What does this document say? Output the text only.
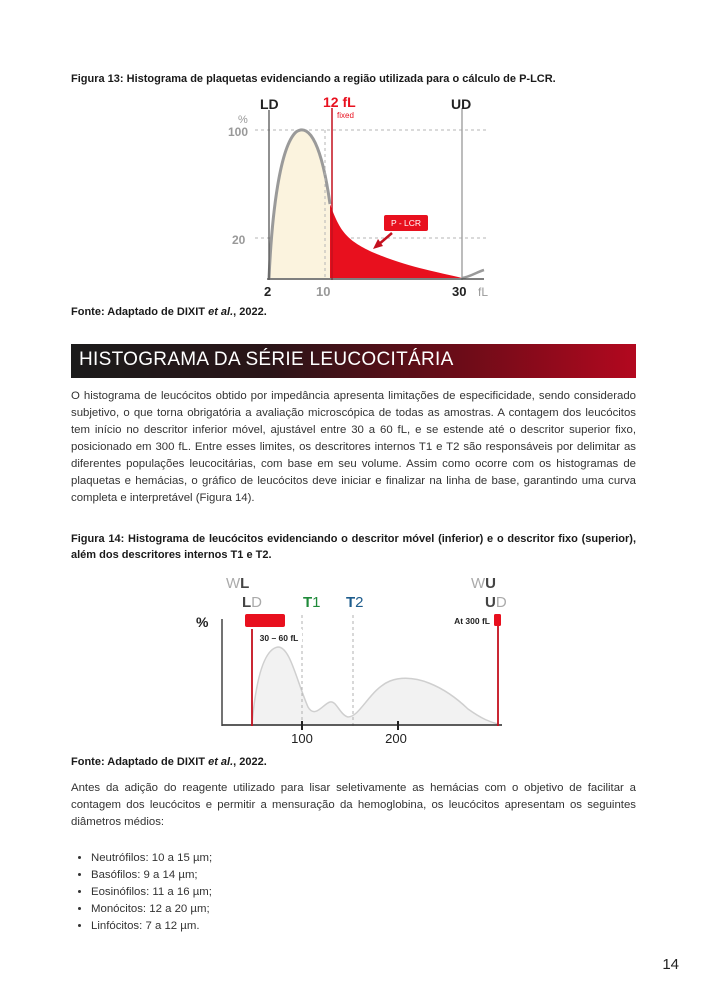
Figura 13: Histograma de plaquetas evidenciando a região utilizada para o cálculo de P-LCR.
LD	12 fL
fixed
UD
%
100
20
2	10	30 fL
P - LCR
Fonte: Adaptado de DIXIT et al., 2022.
HISTOGRAMA DA SÉRIE LEUCOCITÁRIA
O histograma de leucócitos obtido por impedância apresenta limitações de especificidade, sendo considerado subjetivo, o que torna obrigatória a avaliação microscópica de todas as amostras. A contagem dos leucócitos tem início no descritor inferior móvel, ajustável entre 30 a 60 fL, e se estende até o descritor superior fixo, posicionado em 300 fL. Entre esses limites, os descritores internos T1 e T2 são responsáveis por delimitar as diferentes populações leucocitárias, com base em seu volume. Assim como ocorre com os histogramas de plaquetas e hemácias, o gráfico de leucócitos deve iniciar e finalizar na linha de base, garantindo uma curva completa e interpretável (Figura 14).
Figura 14: Histograma de leucócitos evidenciando o descritor móvel (inferior) e o descritor fixo (superior), além dos descritores internos T1 e T2.
WL
LD	T1 T2
WU
UD
%
30 – 60 fL
At 300 fL
100	200
Fonte: Adaptado de DIXIT et al., 2022.
Antes da adição do reagente utilizado para lisar seletivamente as hemácias com o objetivo de facilitar a contagem dos leucócitos e permitir a mensuração da hemoglobina, os leucócitos apresentam os seguintes diâmetros médios:
• Neutrófilos: 10 a 15 µm;
• Basófilos: 9 a 14 µm;
• Eosinófilos: 11 a 16 µm;
• Monócitos: 12 a 20 µm;
• Linfócitos: 7 a 12 µm.
14
